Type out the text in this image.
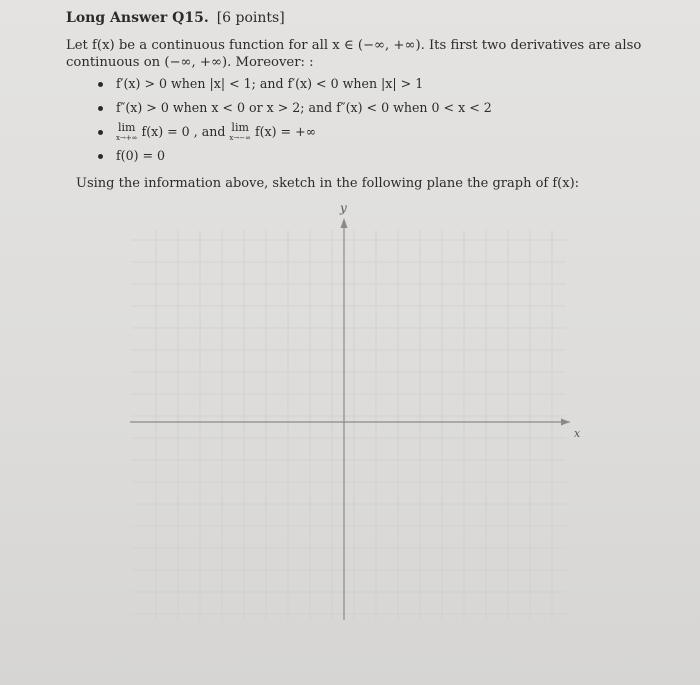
Long Answer Q15. [6 points]
Let f(x) be a continuous function for all x ∈ (−∞, +∞). Its first two derivatives are also
continuous on (−∞, +∞). Moreover: :
f′(x) > 0 when |x| < 1; and f′(x) < 0 when |x| > 1
f″(x) > 0 when x < 0 or x > 2; and f″(x) < 0 when 0 < x < 2
lim
x→+∞ f(x) = 0 , and lim
x→−∞ f(x) = +∞
f(0) = 0
Using the information above, sketch in the following plane the graph of f(x):
y
x
